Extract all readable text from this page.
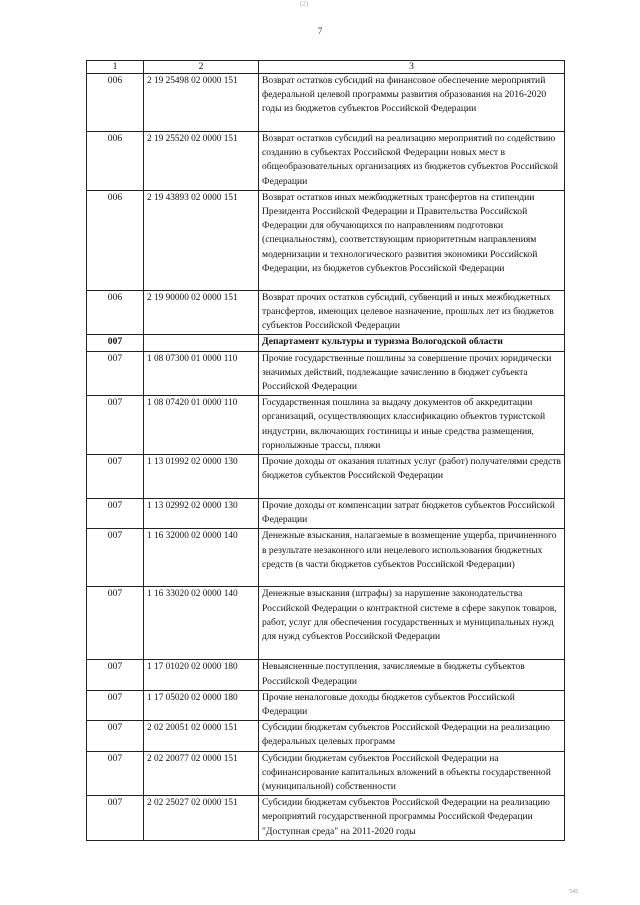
(2)
7
1	2	3
006	2 19 25498 02 0000 151	Возврат остатков субсидий на финансовое обеспечение мероприятий федеральной целевой программы развития образования на 2016-2020 годы из бюджетов субъектов Российской Федерации
006	2 19 25520 02 0000 151	Возврат остатков субсидий на реализацию мероприятий по содействию созданию в субъектах Российской Федерации новых мест в общеобразовательных организациях из бюджетов субъектов Российской Федерации
006	2 19 43893 02 0000 151	Возврат остатков иных межбюджетных трансфертов на стипендии Президента Российской Федерации и Правительства Российской Федерации для обучающихся по направлениям подготовки (специальностям), соответствующим приоритетным направлениям модернизации и технологического развития экономики Российской Федерации, из бюджетов субъектов Российской Федерации
006	2 19 90000 02 0000 151	Возврат прочих остатков субсидий, субвенций и иных межбюджетных трансфертов, имеющих целевое назначение, прошлых лет из бюджетов субъектов Российской Федерации
007		Департамент культуры и туризма Вологодской области
007	1 08 07300 01 0000 110	Прочие государственные пошлины за совершение прочих юридически значимых действий, подлежащие зачислению в бюджет субъекта Российской Федерации
007	1 08 07420 01 0000 110	Государственная пошлина за выдачу документов об аккредитации организаций, осуществляющих классификацию объектов туристской индустрии, включающих гостиницы и иные средства размещения, горнолыжные трассы, пляжи
007	1 13 01992 02 0000 130	Прочие доходы от оказания платных услуг (работ) получателями средств бюджетов субъектов Российской Федерации
007	1 13 02992 02 0000 130	Прочие доходы от компенсации затрат бюджетов субъектов Российской Федерации
007	1 16 32000 02 0000 140	Денежные взыскания, налагаемые в возмещение ущерба, причиненного в результате незаконного или нецелевого использования бюджетных средств (в части бюджетов субъектов Российской Федерации)
007	1 16 33020 02 0000 140	Денежные взыскания (штрафы) за нарушение законодательства Российской Федерации о контрактной системе в сфере закупок товаров, работ, услуг для обеспечения государственных и муниципальных нужд для нужд субъектов Российской Федерации
007	1 17 01020 02 0000 180	Невыясненные поступления, зачисляемые в бюджеты субъектов Российской Федерации
007	1 17 05020 02 0000 180	Прочие неналоговые доходы бюджетов субъектов Российской Федерации
007	2 02 20051 02 0000 151	Субсидии бюджетам субъектов Российской Федерации на реализацию федеральных целевых программ
007	2 02 20077 02 0000 151	Субсидии бюджетам субъектов Российской Федерации на софинансирование капитальных вложений в объекты государственной (муниципальной) собственности
007	2 02 25027 02 0000 151	Субсидии бюджетам субъектов Российской Федерации на реализацию мероприятий государственной программы Российской Федерации "Доступная среда" на 2011-2020 годы
545
